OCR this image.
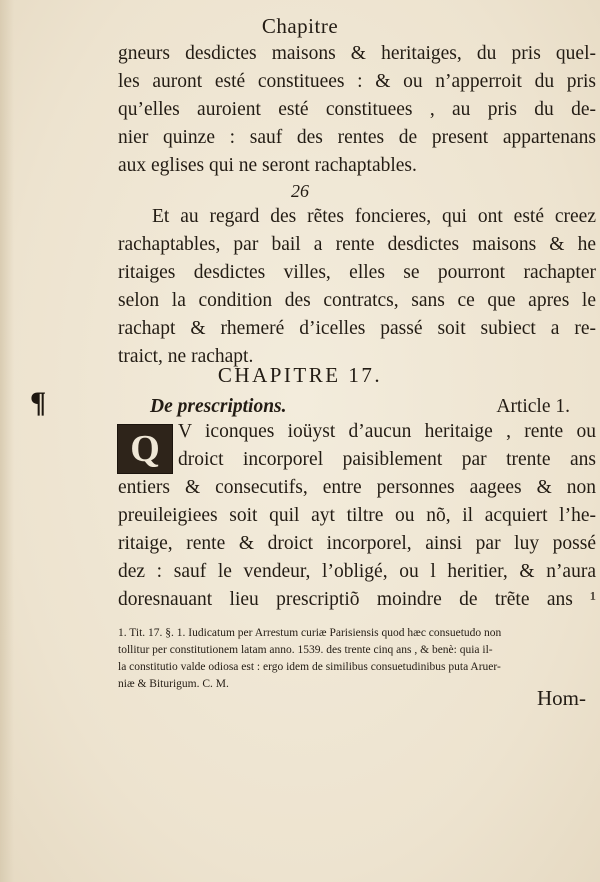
Chapitre
gneurs desdictes maisons & heritaiges, du pris quel-
les auront esté constituees : & ou n’apperroit du pris
qu’elles auroient esté constituees , au pris du de-
nier quinze : sauf des rentes de present appartenans
aux eglises qui ne seront rachaptables.
26
Et au regard des rẽtes foncieres, qui ont esté creez
rachaptables, par bail a rente desdictes maisons & he
ritaiges desdictes villes, elles se pourront rachapter
selon la condition des contratcs, sans ce que apres le
rachapt & rhemeré d’icelles passé soit subiect a re-
traict, ne rachapt.
¶
CHAPITRE 17.
De prescriptions.	Article 1.
Q V iconques ioüyst d’aucun heritaige , rente ou
droict incorporel paisiblement par trente ans
entiers & consecutifs, entre personnes aagees & non
preuileigiees soit quil ayt tiltre ou nõ, il acquiert l’he-
ritaige, rente & droict incorporel, ainsi par luy possé
dez : sauf le vendeur, l’obligé, ou l heritier, & n’aura
doresnauant lieu prescriptiõ moindre de trẽte ans ¹
1. Tit. 17. §. 1. Iudicatum per Arrestum curiæ Parisiensis quod hæc consuetudo non
tollitur per constitutionem latam anno. 1539. des trente cinq ans , & benè: quia il-
la constitutio valde odiosa est : ergo idem de similibus consuetudinibus puta Aruer-
niæ & Biturigum. C. M.
Hom-
